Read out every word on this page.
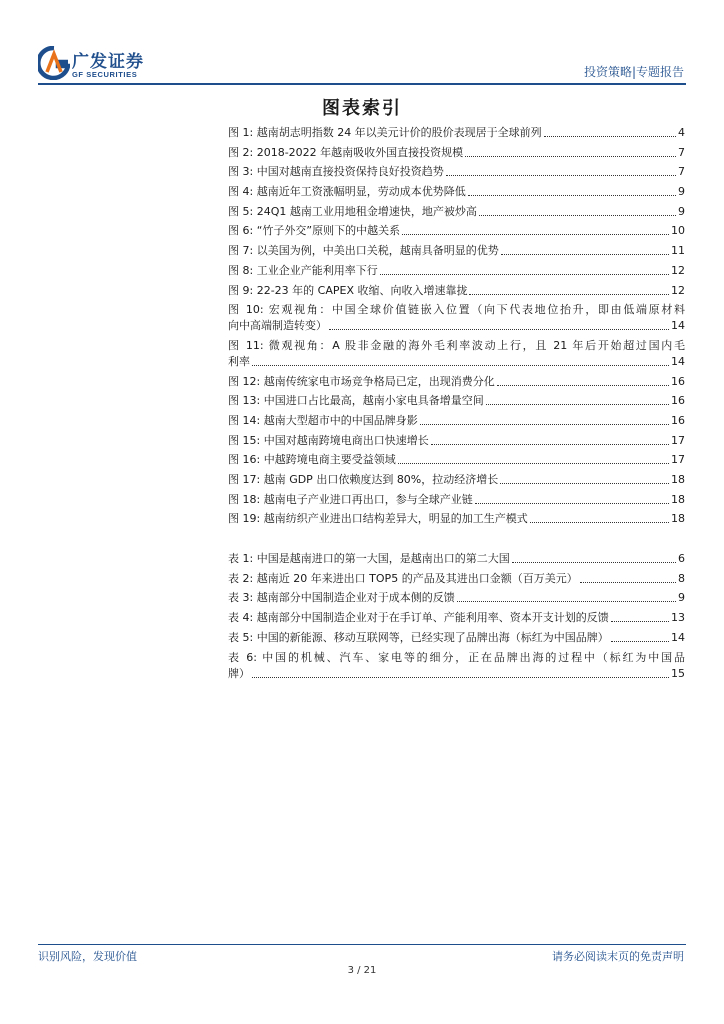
广发证券
GF SECURITIES	投资策略|专题报告
图表索引
图 1: 越南胡志明指数 24 年以美元计价的股价表现居于全球前列	4
图 2: 2018-2022 年越南吸收外国直接投资规模	7
图 3: 中国对越南直接投资保持良好投资趋势	7
图 4: 越南近年工资涨幅明显，劳动成本优势降低	9
图 5: 24Q1 越南工业用地租金增速快，地产被炒高	9
图 6: “竹子外交”原则下的中越关系	10
图 7: 以美国为例，中美出口关税，越南具备明显的优势	11
图 8: 工业企业产能利用率下行	12
图 9: 22-23 年的 CAPEX 收缩、向收入增速靠拢	12
图 10: 宏观视角：中国全球价值链嵌入位置（向下代表地位抬升，即由低端原材料
向中高端制造转变）	14
图 11: 微观视角：A 股非金融的海外毛利率波动上行，且 21 年后开始超过国内毛
利率	14
图 12: 越南传统家电市场竞争格局已定，出现消费分化	16
图 13: 中国进口占比最高，越南小家电具备增量空间	16
图 14: 越南大型超市中的中国品牌身影	16
图 15: 中国对越南跨境电商出口快速增长	17
图 16: 中越跨境电商主要受益领域	17
图 17: 越南 GDP 出口依赖度达到 80%，拉动经济增长	18
图 18: 越南电子产业进口再出口，参与全球产业链	18
图 19: 越南纺织产业进出口结构差异大，明显的加工生产模式	18
表 1: 中国是越南进口的第一大国，是越南出口的第二大国	6
表 2: 越南近 20 年来进出口 TOP5 的产品及其进出口金额（百万美元）	8
表 3: 越南部分中国制造企业对于成本侧的反馈	9
表 4: 越南部分中国制造企业对于在手订单、产能利用率、资本开支计划的反馈	13
表 5: 中国的新能源、移动互联网等，已经实现了品牌出海（标红为中国品牌）	14
表 6: 中国的机械、汽车、家电等的细分，正在品牌出海的过程中（标红为中国品
牌）	15
识别风险，发现价值	请务必阅读末页的免责声明
3 / 21
